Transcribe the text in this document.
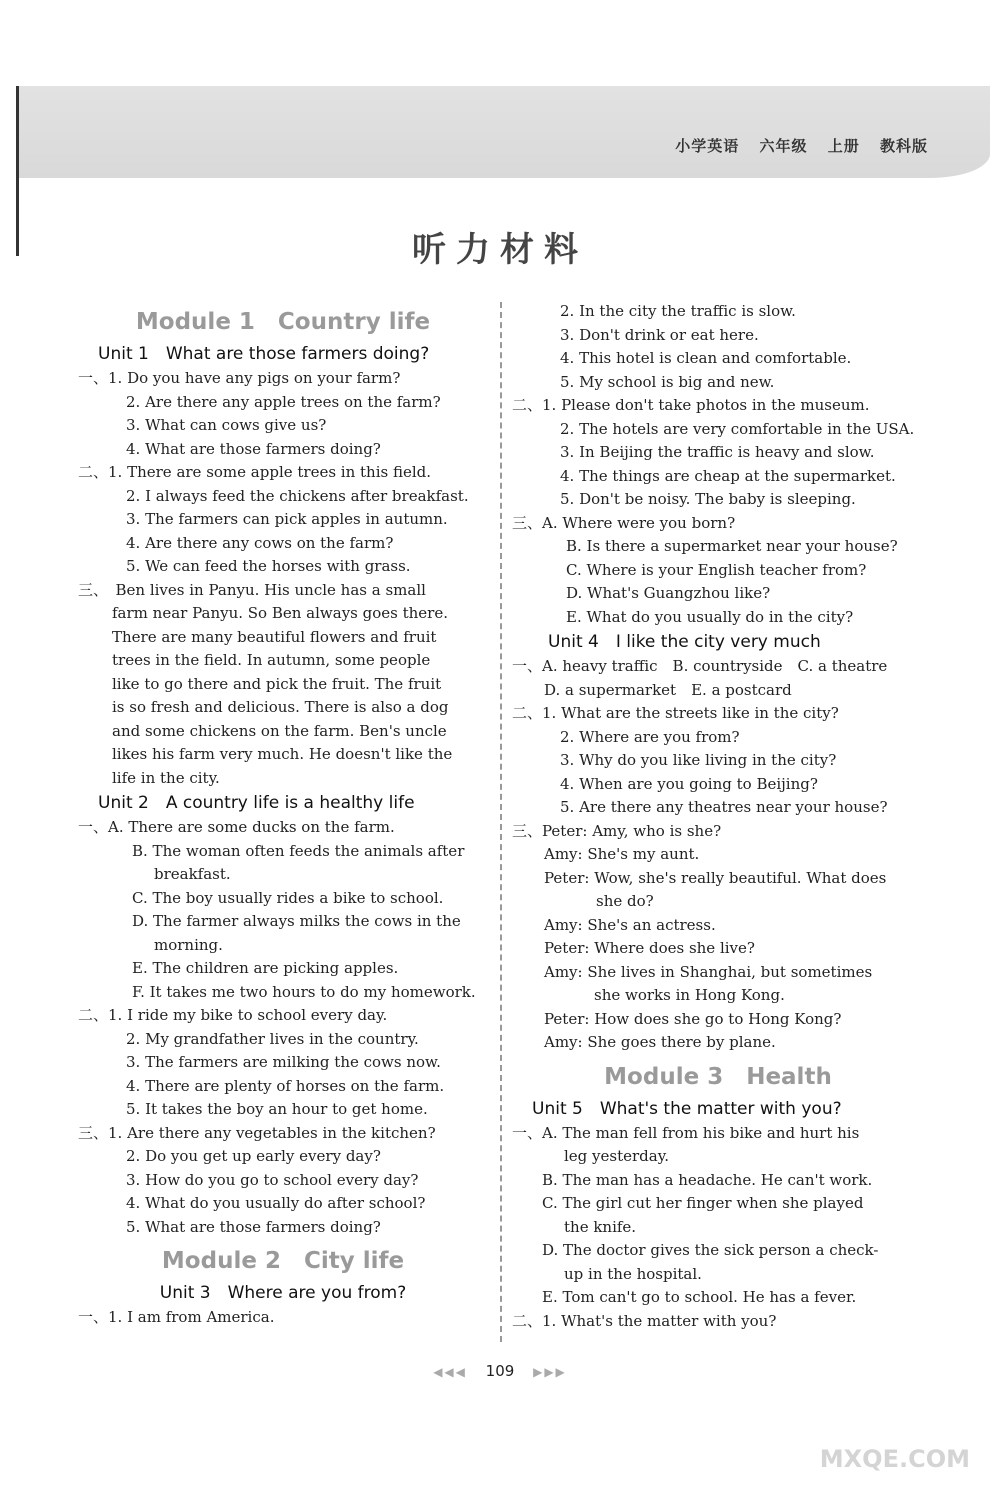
小学英语 六年级 上册 教科版
听力材料
Module 1　Country life
Unit 1　What are those farmers doing?
一、1. Do you have any pigs on your farm?
2. Are there any apple trees on the farm?
3. What can cows give us?
4. What are those farmers doing?
二、1. There are some apple trees in this field.
2. I always feed the chickens after breakfast.
3. The farmers can pick apples in autumn.
4. Are there any cows on the farm?
5. We can feed the horses with grass.
三、　Ben lives in Panyu. His uncle has a small
farm near Panyu. So Ben always goes there.
There are many beautiful flowers and fruit
trees in the field. In autumn, some people
like to go there and pick the fruit. The fruit
is so fresh and delicious. There is also a dog
and some chickens on the farm. Ben's uncle
likes his farm very much. He doesn't like the
life in the city.
Unit 2　A country life is a healthy life
一、A. There are some ducks on the farm.
B. The woman often feeds the animals after
breakfast.
C. The boy usually rides a bike to school.
D. The farmer always milks the cows in the
morning.
E. The children are picking apples.
F. It takes me two hours to do my homework.
二、1. I ride my bike to school every day.
2. My grandfather lives in the country.
3. The farmers are milking the cows now.
4. There are plenty of horses on the farm.
5. It takes the boy an hour to get home.
三、1. Are there any vegetables in the kitchen?
2. Do you get up early every day?
3. How do you go to school every day?
4. What do you usually do after school?
5. What are those farmers doing?
Module 2　City life
Unit 3　Where are you from?
一、1. I am from America.
2. In the city the traffic is slow.
3. Don't drink or eat here.
4. This hotel is clean and comfortable.
5. My school is big and new.
二、1. Please don't take photos in the museum.
2. The hotels are very comfortable in the USA.
3. In Beijing the traffic is heavy and slow.
4. The things are cheap at the supermarket.
5. Don't be noisy. The baby is sleeping.
三、A. Where were you born?
B. Is there a supermarket near your house?
C. Where is your English teacher from?
D. What's Guangzhou like?
E. What do you usually do in the city?
Unit 4　I like the city very much
一、A. heavy traffic　B. countryside　C. a theatre
D. a supermarket　E. a postcard
二、1. What are the streets like in the city?
2. Where are you from?
3. Why do you like living in the city?
4. When are you going to Beijing?
5. Are there any theatres near your house?
三、Peter: Amy, who is she?
Amy: She's my aunt.
Peter: Wow, she's really beautiful. What does
she do?
Amy: She's an actress.
Peter: Where does she live?
Amy: She lives in Shanghai, but sometimes
she works in Hong Kong.
Peter: How does she go to Hong Kong?
Amy: She goes there by plane.
Module 3　Health
Unit 5　What's the matter with you?
一、A. The man fell from his bike and hurt his
leg yesterday.
B. The man has a headache. He can't work.
C. The girl cut her finger when she played
the knife.
D. The doctor gives the sick person a check-
up in the hospital.
E. Tom can't go to school. He has a fever.
二、1. What's the matter with you?
◀◀◀ 109 ▶▶▶
MXQE.COM
